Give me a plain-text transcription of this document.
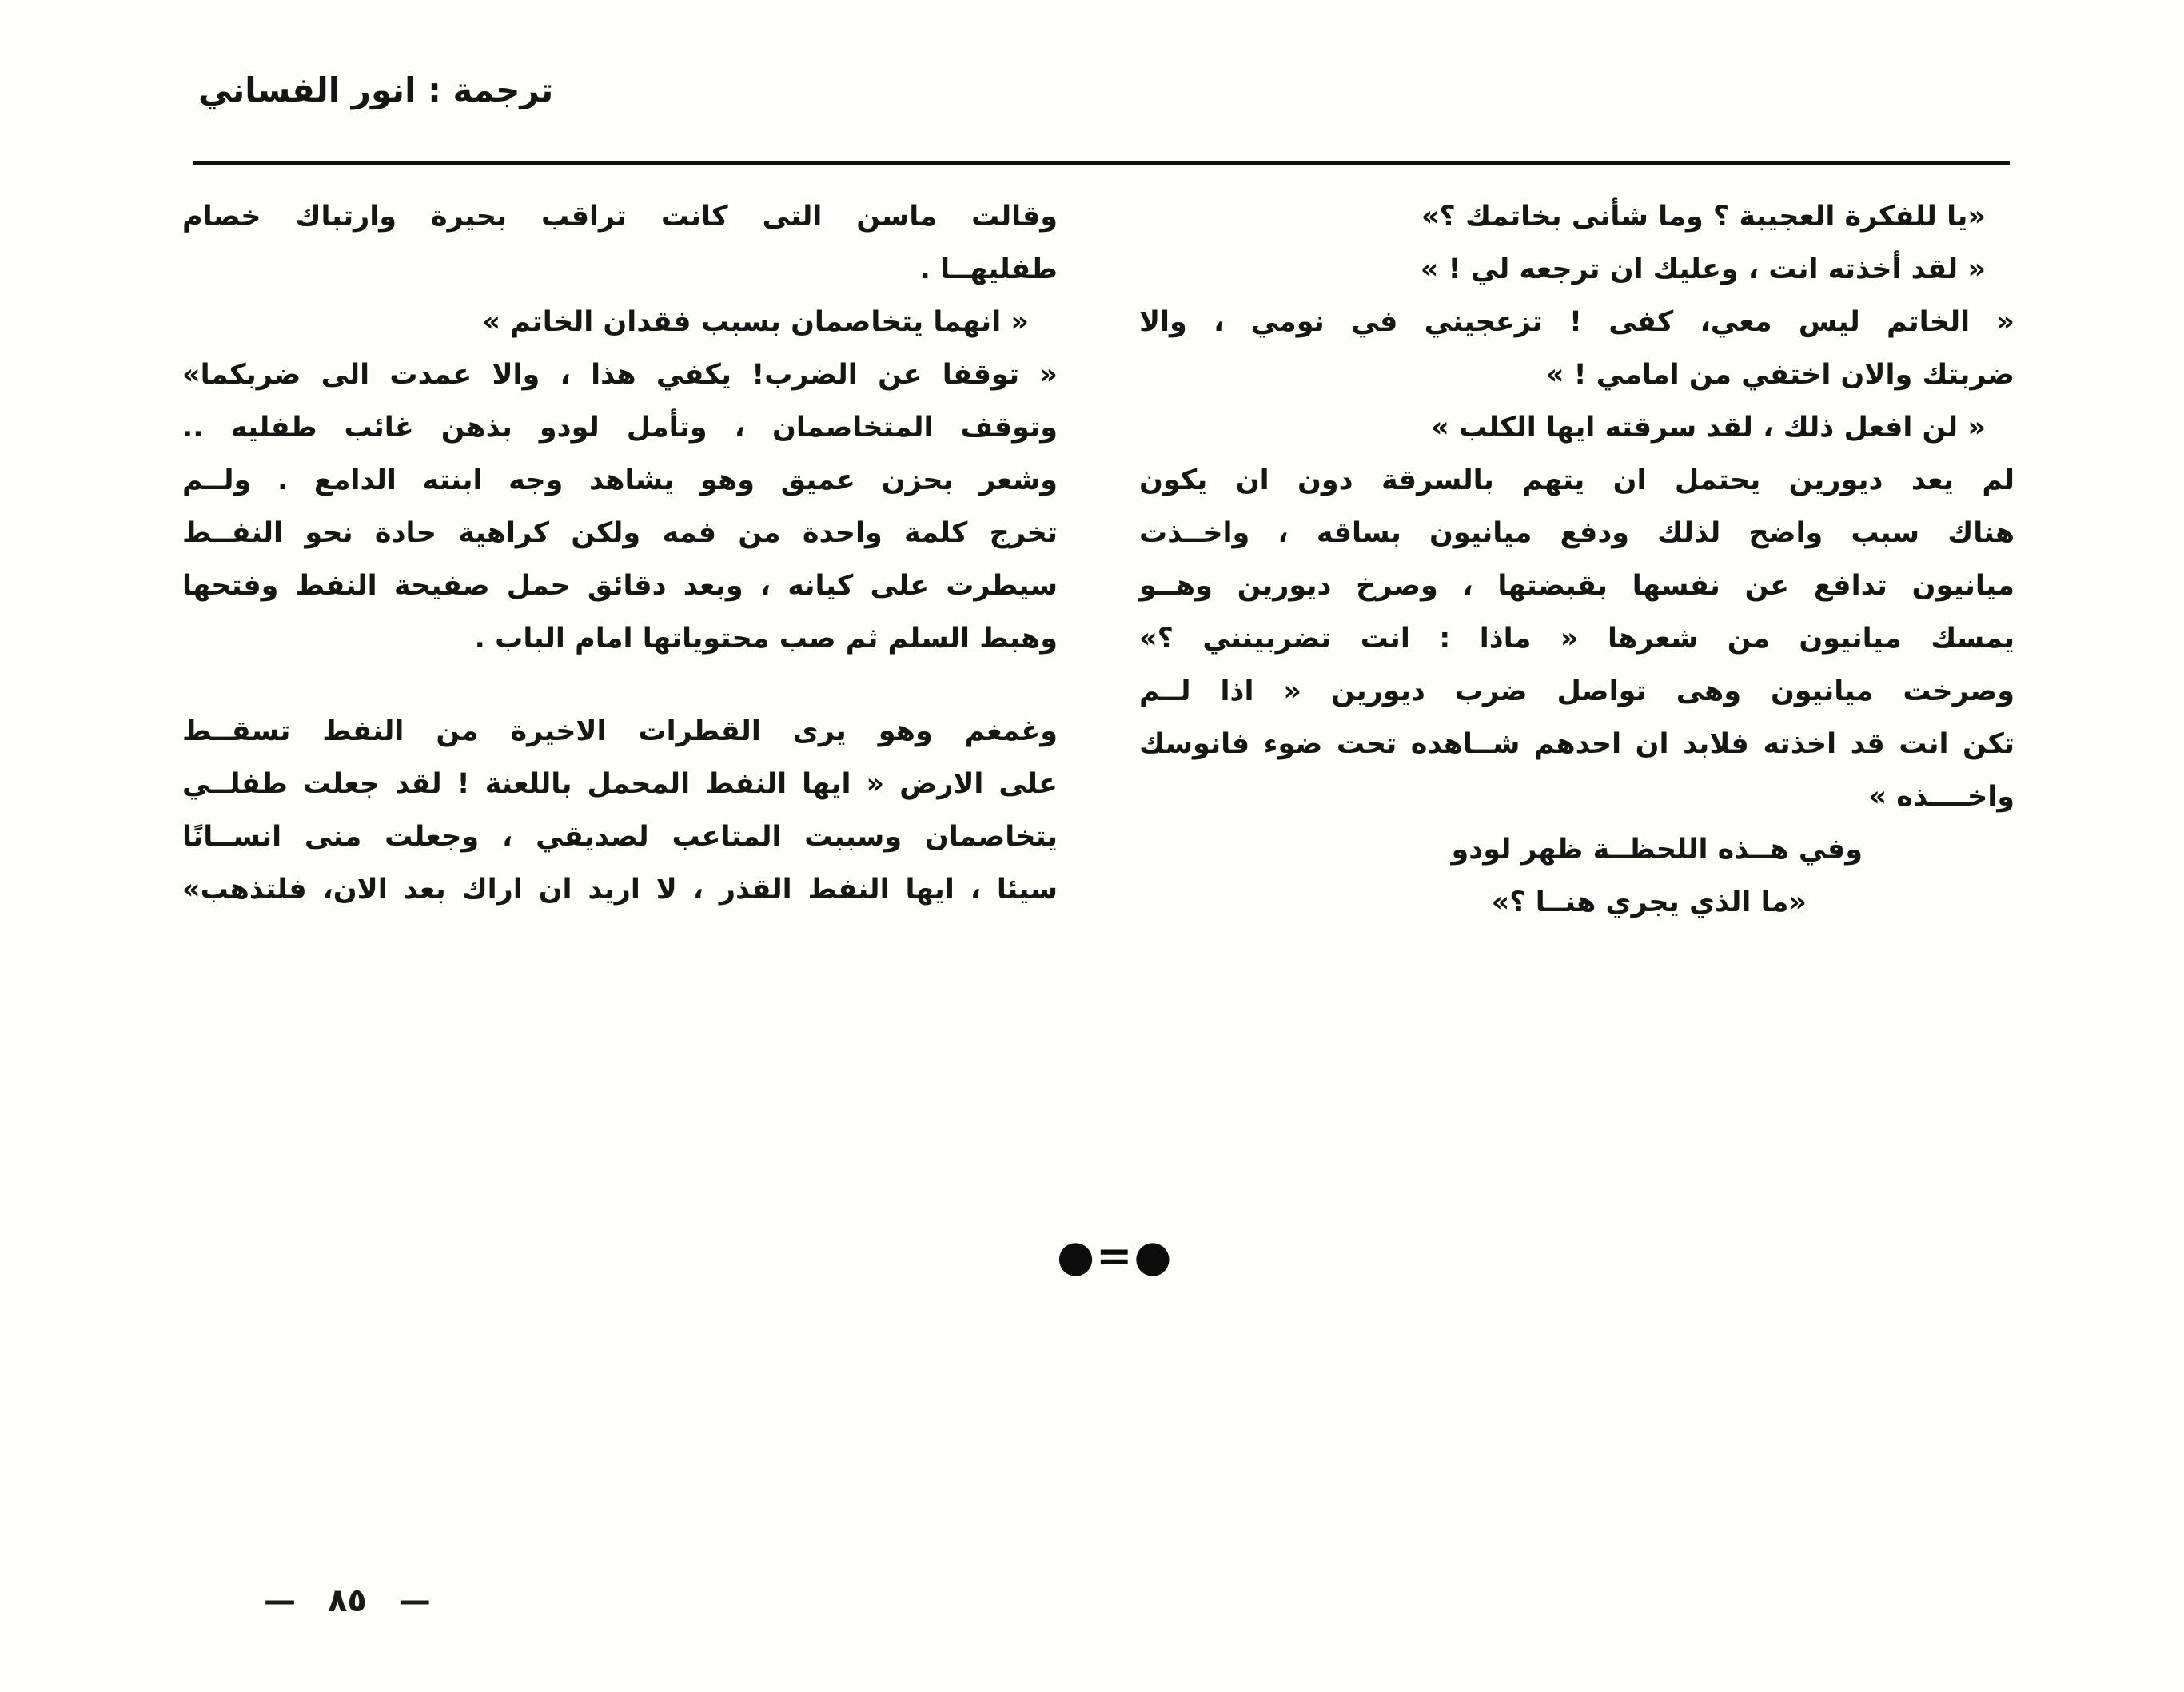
ترجمة : انور الفساني
«يا للفكرة العجيبة ؟ وما شأنى بخاتمك ؟»
« لقد أخذته انت ، وعليك ان ترجعه لي ! »
« الخاتم ليس معي، كفى ! تزعجيني في نومي ، والا
ضربتك والان اختفي من امامي ! »
« لن افعل ذلك ، لقد سرقته ايها الكلب »
لم يعد ديورين يحتمل ان يتهم بالسرقة دون ان يكون
هناك سبب واضح لذلك ودفع ميانيون بساقه ، واخــذت
ميانيون تدافع عن نفسها بقبضتها ، وصرخ ديورين وهــو
يمسك ميانيون من شعرها « ماذا : انت تضربينني ؟»
وصرخت ميانيون وهى تواصل ضرب ديورين « اذا لــم
تكن انت قد اخذته فلابد ان احدهم شــاهده تحت ضوء فانوسك
واخــــذه »
وفي هــذه اللحظــة ظهر لودو
«ما الذي يجري هنــا ؟»
وقالت ماسن التى كانت تراقب بحيرة وارتباك خصام
طفليهــا .
« انهما يتخاصمان بسبب فقدان الخاتم »
« توقفا عن الضرب! يكفي هذا ، والا عمدت الى ضربكما»
وتوقف المتخاصمان ، وتأمل لودو بذهن غائب طفليه ..
وشعر بحزن عميق وهو يشاهد وجه ابنته الدامع . ولــم
تخرج كلمة واحدة من فمه ولكن كراهية حادة نحو النفــط
سيطرت على كيانه ، وبعد دقائق حمل صفيحة النفط وفتحها
وهبط السلم ثم صب محتوياتها امام الباب .
وغمغم وهو يرى القطرات الاخيرة من النفط تسقــط
على الارض « ايها النفط المحمل باللعنة ! لقد جعلت طفلــي
يتخاصمان وسببت المتاعب لصديقي ، وجعلت منى انســانًا
سيئا ، ايها النفط القذر ، لا اريد ان اراك بعد الان، فلتذهب»
●=●
— ٨٥ —
